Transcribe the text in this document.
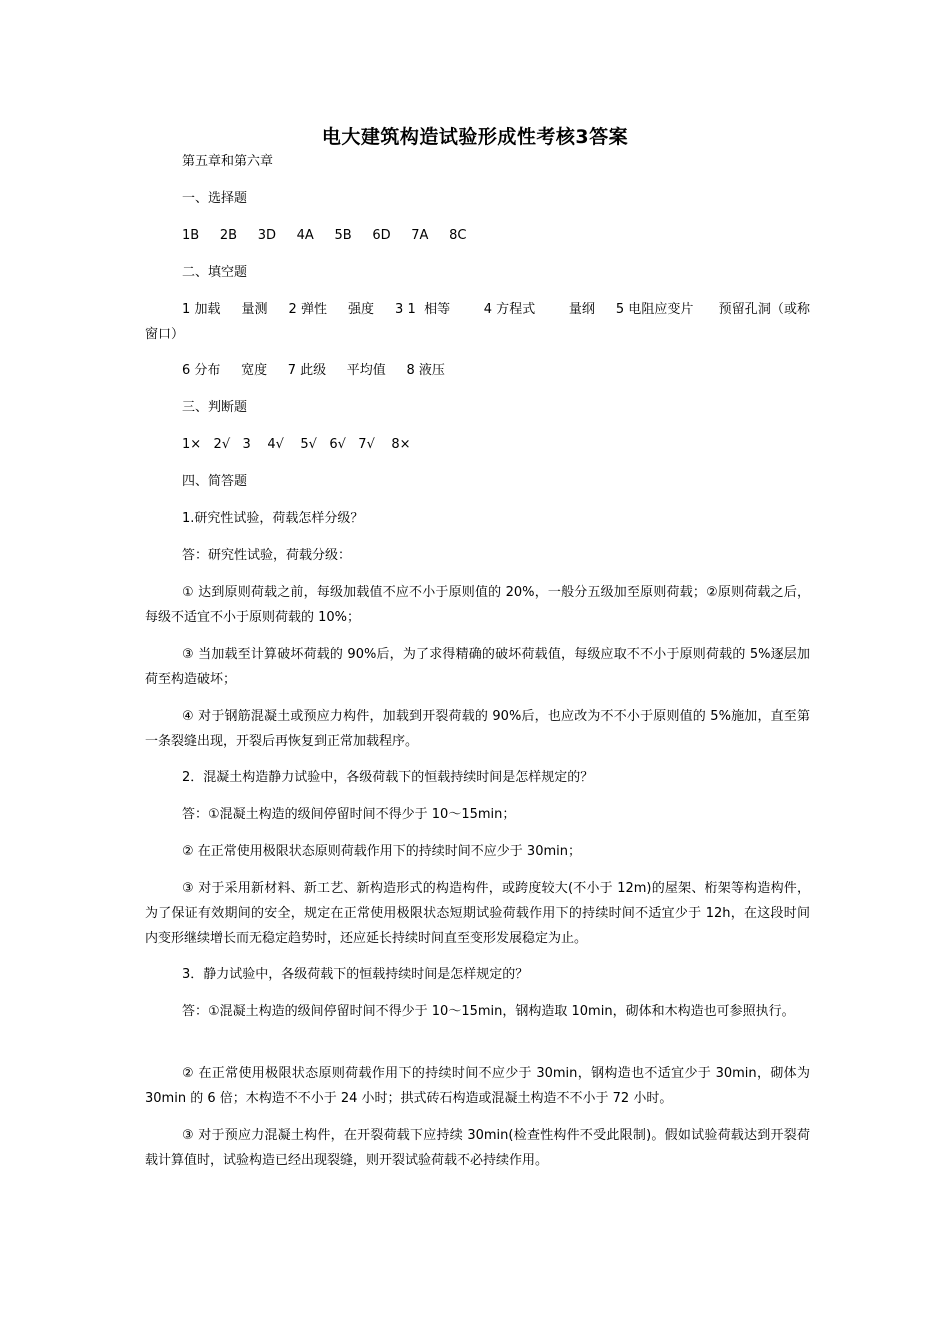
电大建筑构造试验形成性考核3答案
第五章和第六章
一、选择题
1B     2B     3D     4A     5B     6D     7A     8C
二、填空题
1 加载     量测     2 弹性     强度     3 1  相等        4 方程式        量纲     5 电阻应变片      预留孔洞（或称窗口）
6 分布     宽度     7 此级     平均值     8 液压
三、判断题
1×   2√   3    4√    5√   6√   7√    8×
四、简答题
1.研究性试验，荷载怎样分级？
答：研究性试验，荷载分级：
① 达到原则荷载之前，每级加载值不应不小于原则值的 20%，一般分五级加至原则荷载；②原则荷载之后，每级不适宜不小于原则荷载的 10%；
③ 当加载至计算破坏荷载的 90%后，为了求得精确的破坏荷载值，每级应取不不小于原则荷载的 5%逐层加荷至构造破坏；
④ 对于钢筋混凝土或预应力构件，加载到开裂荷载的 90%后，也应改为不不小于原则值的 5%施加，直至第一条裂缝出现，开裂后再恢复到正常加载程序。
2．混凝土构造静力试验中，各级荷载下的恒载持续时间是怎样规定的？
答：①混凝土构造的级间停留时间不得少于 10～15min；
② 在正常使用极限状态原则荷载作用下的持续时间不应少于 30min；
③ 对于采用新材料、新工艺、新构造形式的构造构件，或跨度较大(不小于 12m)的屋架、桁架等构造构件，为了保证有效期间的安全，规定在正常使用极限状态短期试验荷载作用下的持续时间不适宜少于 12h，在这段时间内变形继续增长而无稳定趋势时，还应延长持续时间直至变形发展稳定为止。
3．静力试验中，各级荷载下的恒载持续时间是怎样规定的？
答：①混凝土构造的级间停留时间不得少于 10～15min，钢构造取 10min，砌体和木构造也可参照执行。
② 在正常使用极限状态原则荷载作用下的持续时间不应少于 30min，钢构造也不适宜少于 30min，砌体为 30min 的 6 倍；木构造不不小于 24 小时；拱式砖石构造或混凝土构造不不小于 72 小时。
③ 对于预应力混凝土构件，在开裂荷载下应持续 30min(检查性构件不受此限制)。假如试验荷载达到开裂荷载计算值时，试验构造已经出现裂缝，则开裂试验荷载不必持续作用。
